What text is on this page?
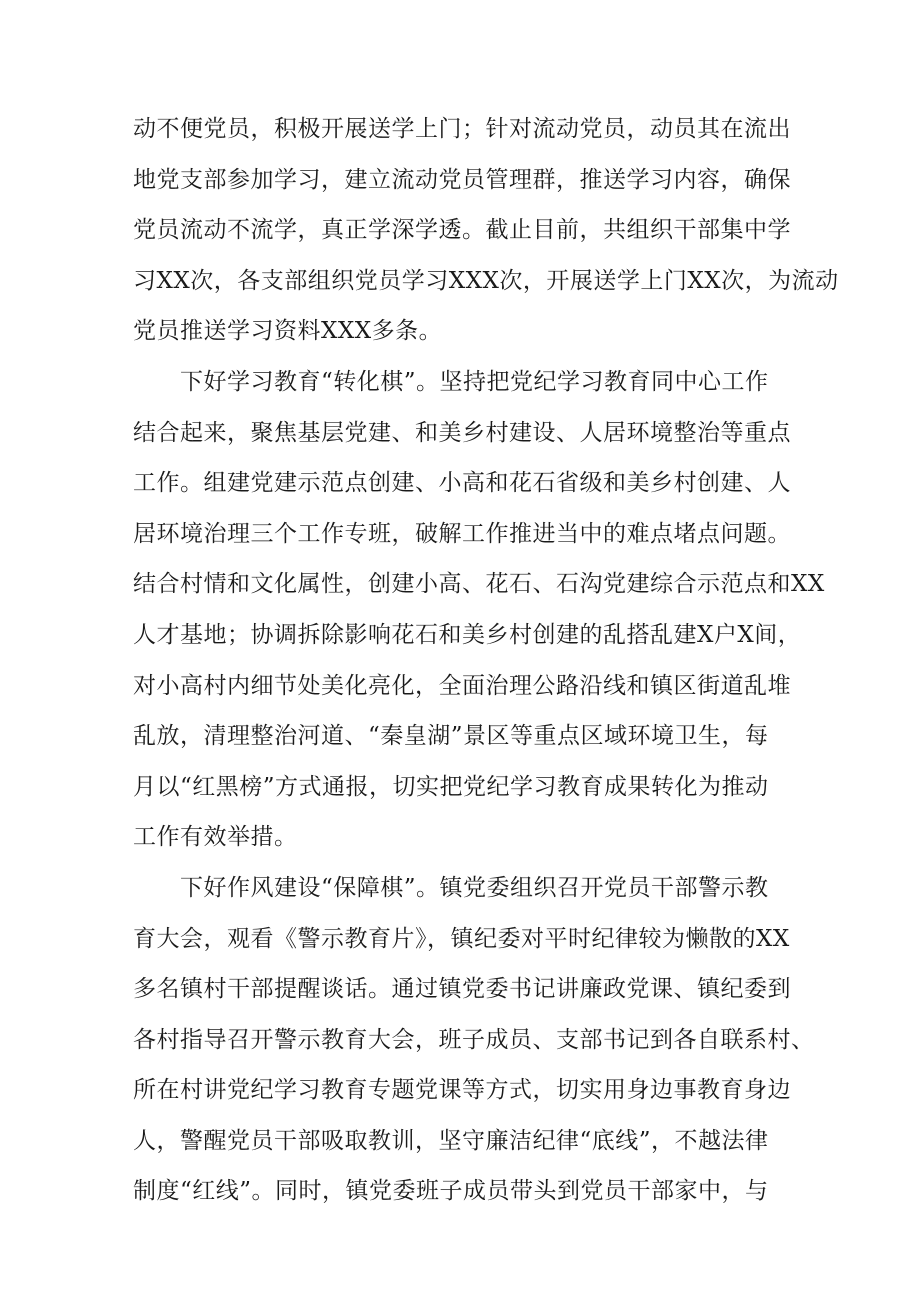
动不便党员，积极开展送学上门；针对流动党员，动员其在流出
地党支部参加学习，建立流动党员管理群，推送学习内容，确保
党员流动不流学，真正学深学透。截止目前，共组织干部集中学
习XX次，各支部组织党员学习XXX次，开展送学上门XX次，为流动
党员推送学习资料XXX多条。
下好学习教育“转化棋”。坚持把党纪学习教育同中心工作
结合起来，聚焦基层党建、和美乡村建设、人居环境整治等重点
工作。组建党建示范点创建、小高和花石省级和美乡村创建、人
居环境治理三个工作专班，破解工作推进当中的难点堵点问题。
结合村情和文化属性，创建小高、花石、石沟党建综合示范点和XX
人才基地；协调拆除影响花石和美乡村创建的乱搭乱建X户X间，
对小高村内细节处美化亮化，全面治理公路沿线和镇区街道乱堆
乱放，清理整治河道、“秦皇湖”景区等重点区域环境卫生，每
月以“红黑榜”方式通报，切实把党纪学习教育成果转化为推动
工作有效举措。
下好作风建设“保障棋”。镇党委组织召开党员干部警示教
育大会，观看《警示教育片》，镇纪委对平时纪律较为懒散的XX
多名镇村干部提醒谈话。通过镇党委书记讲廉政党课、镇纪委到
各村指导召开警示教育大会，班子成员、支部书记到各自联系村、
所在村讲党纪学习教育专题党课等方式，切实用身边事教育身边
人，警醒党员干部吸取教训，坚守廉洁纪律“底线”，不越法律
制度“红线”。同时，镇党委班子成员带头到党员干部家中，与
